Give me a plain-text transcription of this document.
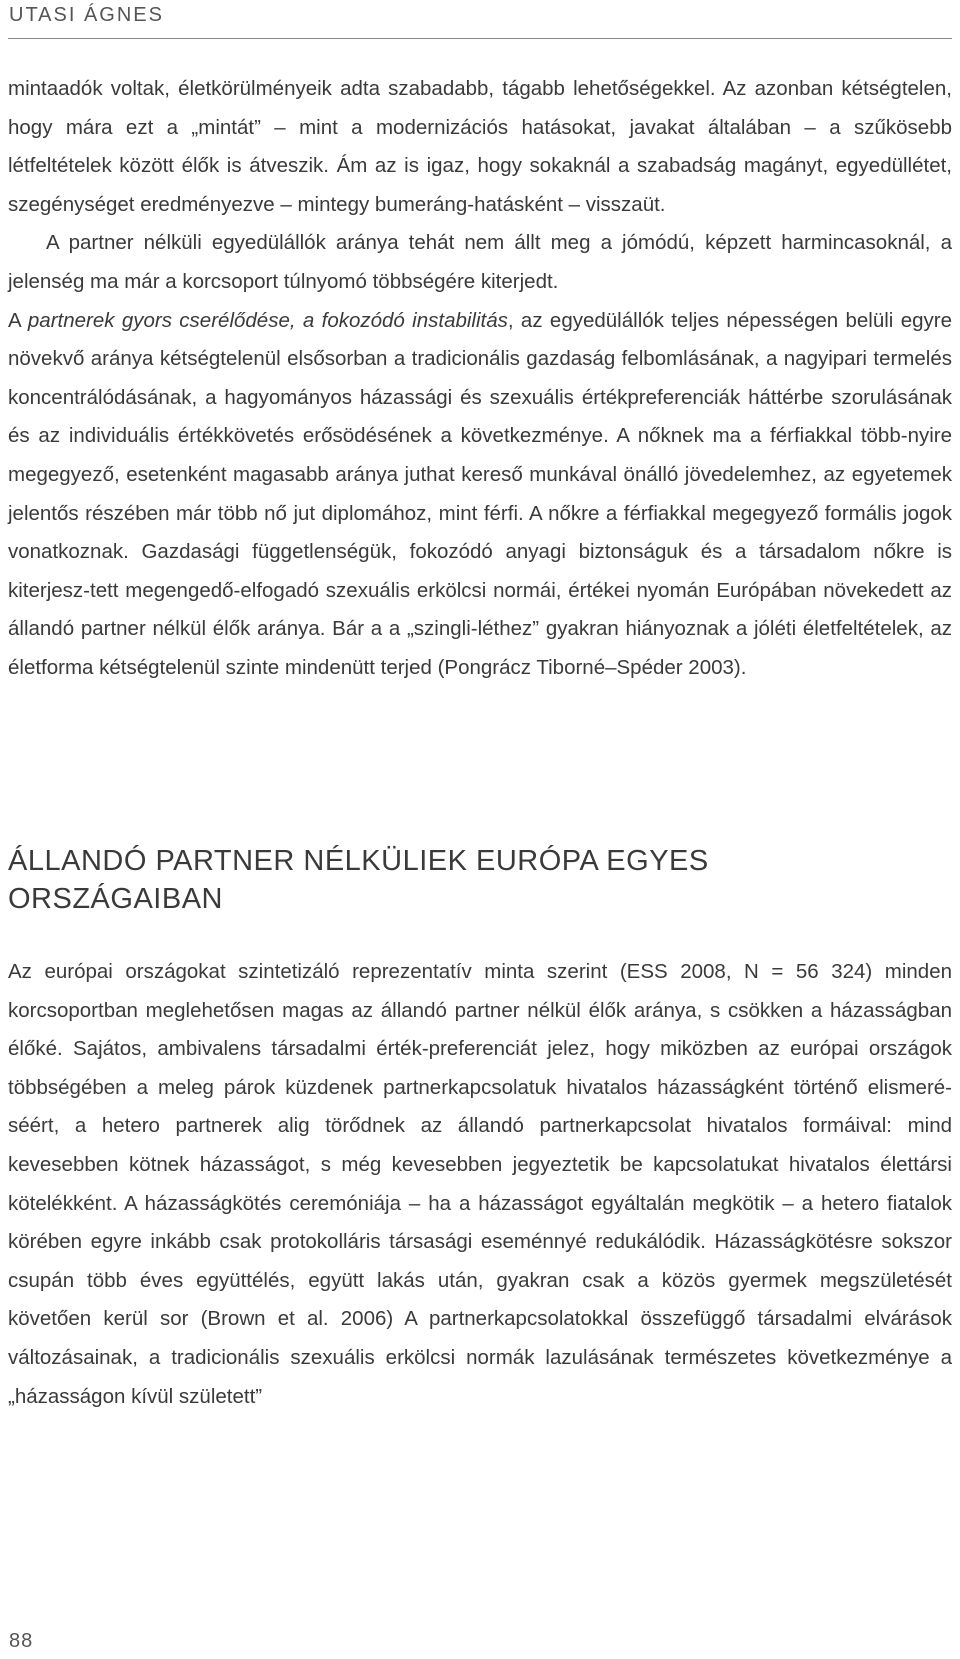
UTASI ÁGNES

mintaadók voltak, életkörülményeik adta szabadabb, tágabb lehetőségekkel. Az azonban kétségtelen, hogy mára ezt a „mintát” – mint a modernizációs hatásokat, javakat általában – a szűkösebb létfeltételek között élők is átveszik. Ám az is igaz, hogy sokaknál a szabadság magányt, egyedüllétet, szegénységet eredményezve – mintegy bumeráng-hatásként – visszaüt.

A partner nélküli egyedülállók aránya tehát nem állt meg a jómódú, képzett harmincasoknál, a jelenség ma már a korcsoport túlnyomó többségére kiterjedt.

A partnerek gyors cserélődése, a fokozódó instabilitás, az egyedülállók teljes népességen belüli egyre növekvő aránya kétségtelenül elsősorban a tradicionális gazdaság felbomlásának, a nagyipari termelés koncentrálódásának, a hagyományos házassági és szexuális értékpreferenciák háttérbe szorulásának és az individuális értékkövetés erősödésének a következménye. A nőknek ma a férfiakkal több-nyire megegyező, esetenként magasabb aránya juthat kereső munkával önálló jövedelemhez, az egyetemek jelentős részében már több nő jut diplomához, mint férfi. A nőkre a férfiakkal megegyező formális jogok vonatkoznak. Gazdasági függetlenségük, fokozódó anyagi biztonságuk és a társadalom nőkre is kiterjesz-tett megengedő-elfogadó szexuális erkölcsi normái, értékei nyomán Európában növekedett az állandó partner nélkül élők aránya. Bár a a „szingli-léthez” gyakran hiányoznak a jóléti életfeltételek, az életforma kétségtelenül szinte mindenütt terjed (Pongrácz Tiborné–Spéder 2003).

ÁLLANDÓ PARTNER NÉLKÜLIEK EURÓPA EGYES ORSZÁGAIBAN

Az európai országokat szintetizáló reprezentatív minta szerint (ESS 2008, N = 56 324) minden korcsoportban meglehetősen magas az állandó partner nélkül élők aránya, s csökken a házasságban élőké. Sajátos, ambivalens társadalmi érték-preferenciát jelez, hogy miközben az európai országok többségében a meleg párok küzdenek partnerkapcsolatuk hivatalos házasságként történő elismeré-séért, a hetero partnerek alig törődnek az állandó partnerkapcsolat hivatalos formáival: mind kevesebben kötnek házasságot, s még kevesebben jegyeztetik be kapcsolatukat hivatalos élettársi kötelékként. A házasságkötés ceremóniája – ha a házasságot egyáltalán megkötik – a hetero fiatalok körében egyre inkább csak protokolláris társasági eseménnyé redukálódik. Házasságkötésre sokszor csupán több éves együttélés, együtt lakás után, gyakran csak a közös gyermek megszületését követően kerül sor (Brown et al. 2006) A partnerkapcsolatokkal összefüggő társadalmi elvárások változásainak, a tradicionális szexuális erkölcsi normák lazulásának természetes következménye a „házasságon kívül született”

88
